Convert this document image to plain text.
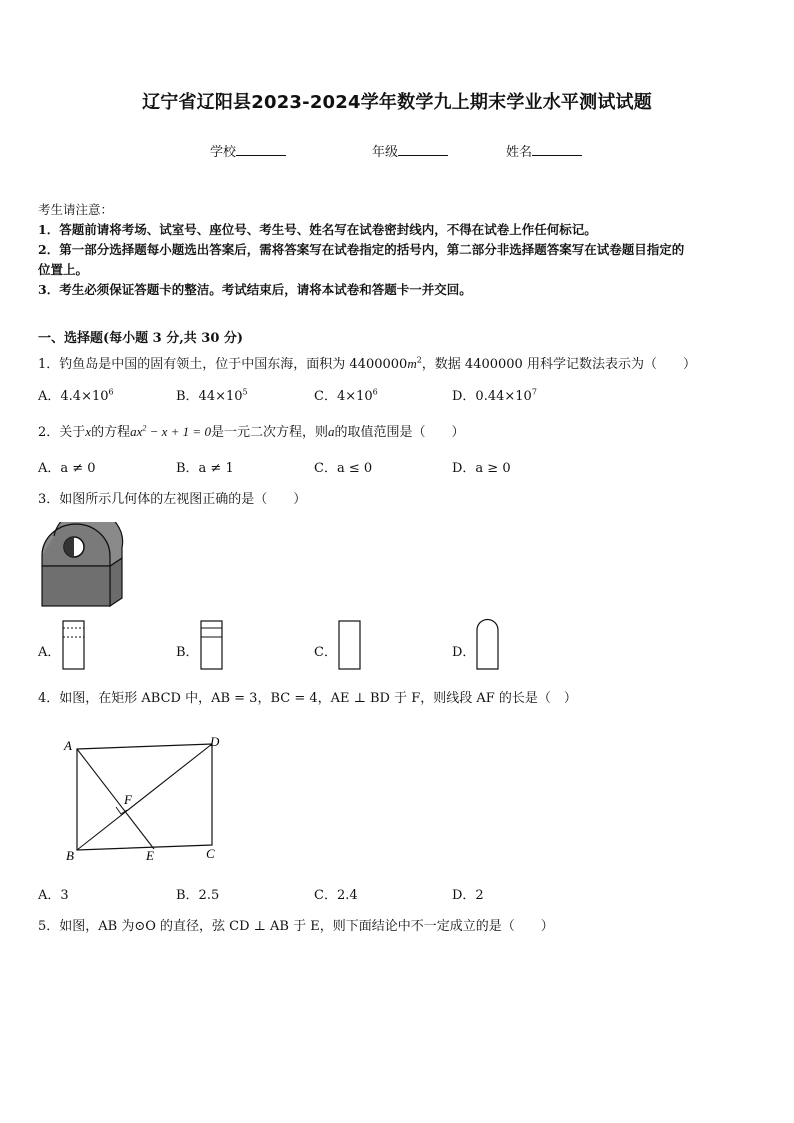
辽宁省辽阳县2023-2024学年数学九上期末学业水平测试试题
学校	年级	姓名
考生请注意：
1．答题前请将考场、试室号、座位号、考生号、姓名写在试卷密封线内，不得在试卷上作任何标记。
2．第一部分选择题每小题选出答案后，需将答案写在试卷指定的括号内，第二部分非选择题答案写在试卷题目指定的
位置上。
3．考生必须保证答题卡的整洁。考试结束后，请将本试卷和答题卡一并交回。
一、选择题(每小题 3 分,共 30 分)
1．钓鱼岛是中国的固有领土，位于中国东海，面积为 $4400000m^2$，数据 4400000 用科学记数法表示为（　　）
A．$4.4\times 10^6$	B．$44\times 10^5$	C．$4\times 10^6$	D．$0.44\times 10^7$
2．关于x的方程$ax^2 - x + 1 = 0$是一元二次方程，则a的取值范围是（　　）
A．a ≠ 0	B．a ≠ 1	C．a ≤ 0	D．a ≥ 0
3．如图所示几何体的左视图正确的是（　　）
A．	B．	C．	D．
4．如图，在矩形 ABCD 中，AB = 3，BC = 4，AE ⊥ BD 于 F，则线段 AF 的长是（　）
A	D
F
B	E	C
A．3	B．2.5	C．2.4	D．2
5．如图，AB 为⊙O 的直径，弦 CD ⊥ AB 于 E，则下面结论中不一定成立的是（　　）
